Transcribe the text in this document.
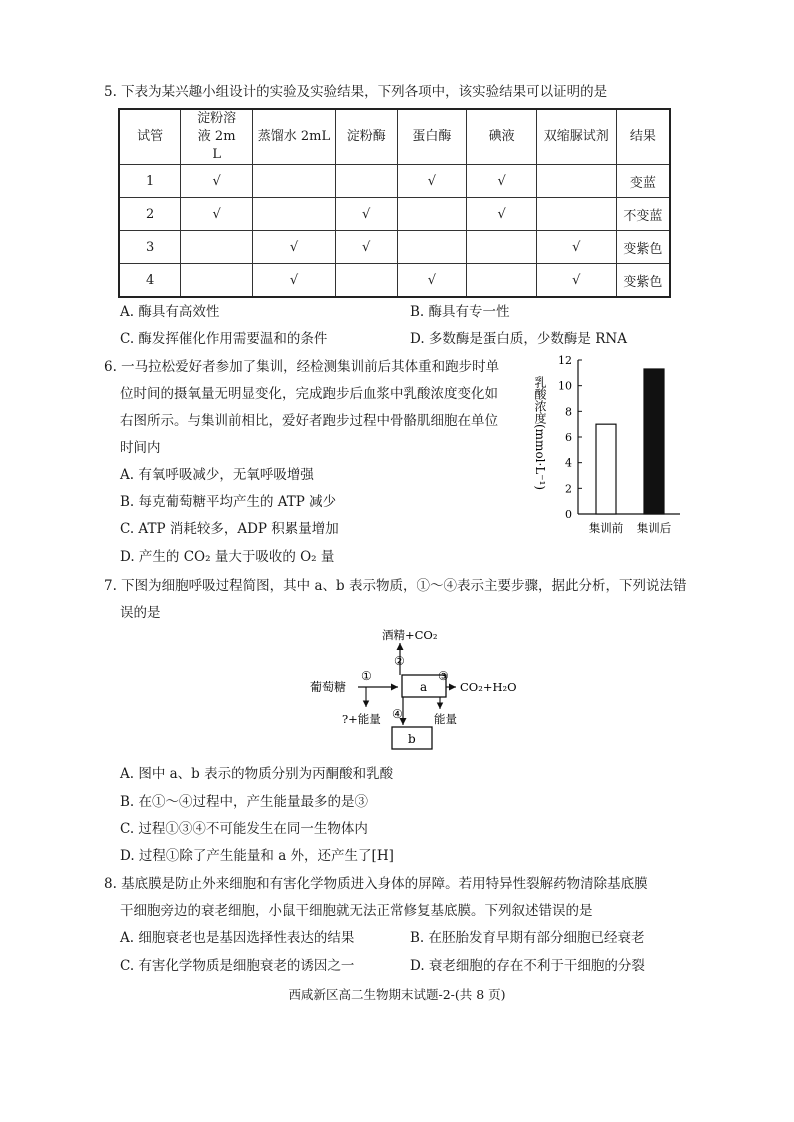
5. 下表为某兴趣小组设计的实验及实验结果，下列各项中，该实验结果可以证明的是
试管	淀粉溶液 2mL	蒸馏水 2mL	淀粉酶	蛋白酶	碘液	双缩脲试剂	结果
1	√			√	√		变蓝
2	√		√		√		不变蓝
3		√	√			√	变紫色
4		√		√		√	变紫色
A. 酶具有高效性	B. 酶具有专一性
C. 酶发挥催化作用需要温和的条件	D. 多数酶是蛋白质，少数酶是 RNA
6. 一马拉松爱好者参加了集训，经检测集训前后其体重和跑步时单
位时间的摄氧量无明显变化，完成跑步后血浆中乳酸浓度变化如
右图所示。与集训前相比，爱好者跑步过程中骨骼肌细胞在单位
时间内
A. 有氧呼吸减少，无氧呼吸增强
B. 每克葡萄糖平均产生的 ATP 减少
C. ATP 消耗较多，ADP 积累量增加
D. 产生的 CO₂ 量大于吸收的 O₂ 量
乳酸浓度(mmol·L⁻¹)
0
2
4
6
8
10
12
集训前 集训后
7. 下图为细胞呼吸过程简图，其中 a、b 表示物质，①～④表示主要步骤，据此分析，下列说法错
误的是
葡萄糖
①
?+能量
a
②
酒精+CO₂
③
CO₂+H₂O
能量
④
b
A. 图中 a、b 表示的物质分别为丙酮酸和乳酸
B. 在①～④过程中，产生能量最多的是③
C. 过程①③④不可能发生在同一生物体内
D. 过程①除了产生能量和 a 外，还产生了[H]
8. 基底膜是防止外来细胞和有害化学物质进入身体的屏障。若用特异性裂解药物清除基底膜
干细胞旁边的衰老细胞，小鼠干细胞就无法正常修复基底膜。下列叙述错误的是
A. 细胞衰老也是基因选择性表达的结果	B. 在胚胎发育早期有部分细胞已经衰老
C. 有害化学物质是细胞衰老的诱因之一	D. 衰老细胞的存在不利于干细胞的分裂
西咸新区高二生物期末试题-2-(共 8 页)
